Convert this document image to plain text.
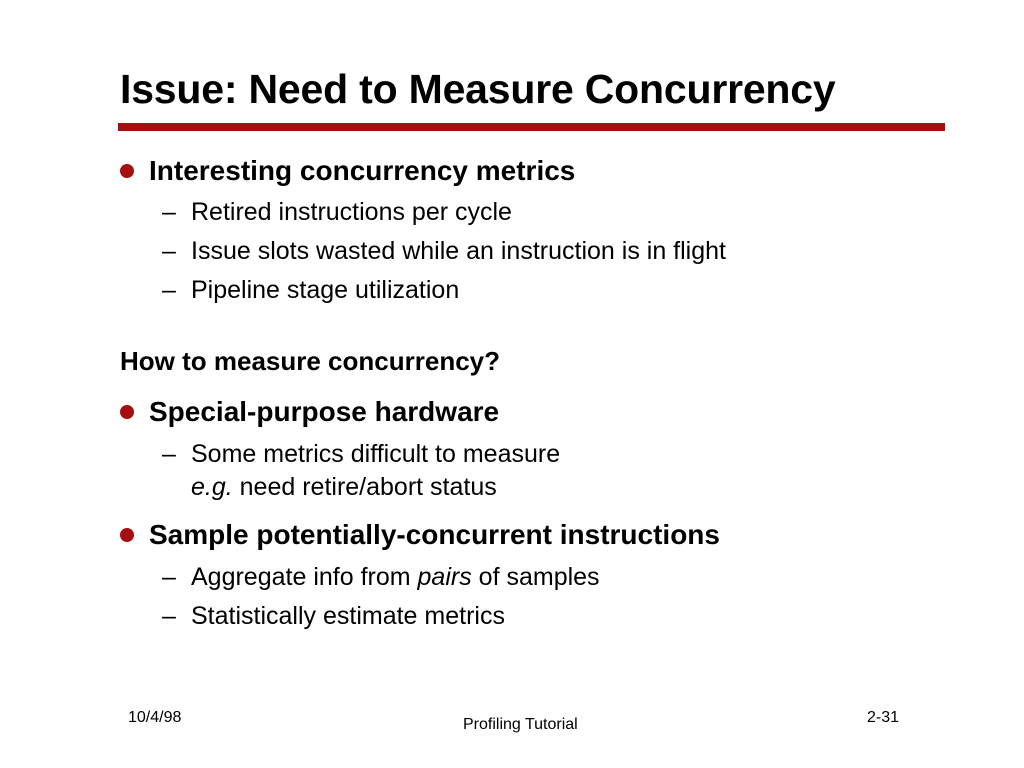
Issue: Need to Measure Concurrency
Interesting concurrency metrics
– Retired instructions per cycle
– Issue slots wasted while an instruction is in flight
– Pipeline stage utilization
How to measure concurrency?
Special-purpose hardware
– Some metrics difficult to measure
e.g. need retire/abort status
Sample potentially-concurrent instructions
– Aggregate info from pairs of samples
– Statistically estimate metrics
10/4/98	Profiling Tutorial	2-31
